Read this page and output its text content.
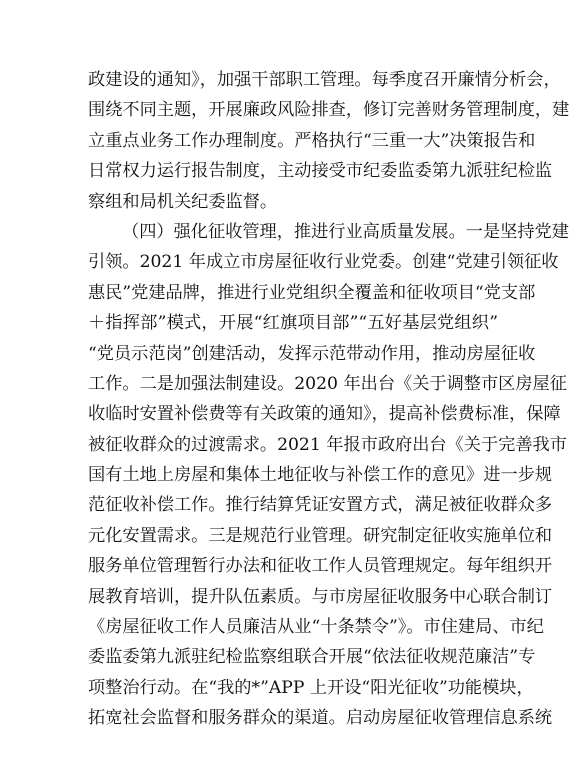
政建设的通知》，加强干部职工管理。每季度召开廉情分析会，
围绕不同主题，开展廉政风险排查，修订完善财务管理制度，建
立重点业务工作办理制度。严格执行“三重一大”决策报告和
日常权力运行报告制度，主动接受市纪委监委第九派驻纪检监
察组和局机关纪委监督。
（四）强化征收管理，推进行业高质量发展。一是坚持党建
引领。2021 年成立市房屋征收行业党委。创建“党建引领征收
惠民”党建品牌，推进行业党组织全覆盖和征收项目“党支部
＋指挥部”模式，开展“红旗项目部”“五好基层党组织”
“党员示范岗”创建活动，发挥示范带动作用，推动房屋征收
工作。二是加强法制建设。2020 年出台《关于调整市区房屋征
收临时安置补偿费等有关政策的通知》，提高补偿费标准，保障
被征收群众的过渡需求。2021 年报市政府出台《关于完善我市
国有土地上房屋和集体土地征收与补偿工作的意见》进一步规
范征收补偿工作。推行结算凭证安置方式，满足被征收群众多
元化安置需求。三是规范行业管理。研究制定征收实施单位和
服务单位管理暂行办法和征收工作人员管理规定。每年组织开
展教育培训，提升队伍素质。与市房屋征收服务中心联合制订
《房屋征收工作人员廉洁从业“十条禁令”》。市住建局、市纪
委监委第九派驻纪检监察组联合开展“依法征收规范廉洁”专
项整治行动。在“我的*”APP 上开设“阳光征收”功能模块，
拓宽社会监督和服务群众的渠道。启动房屋征收管理信息系统
